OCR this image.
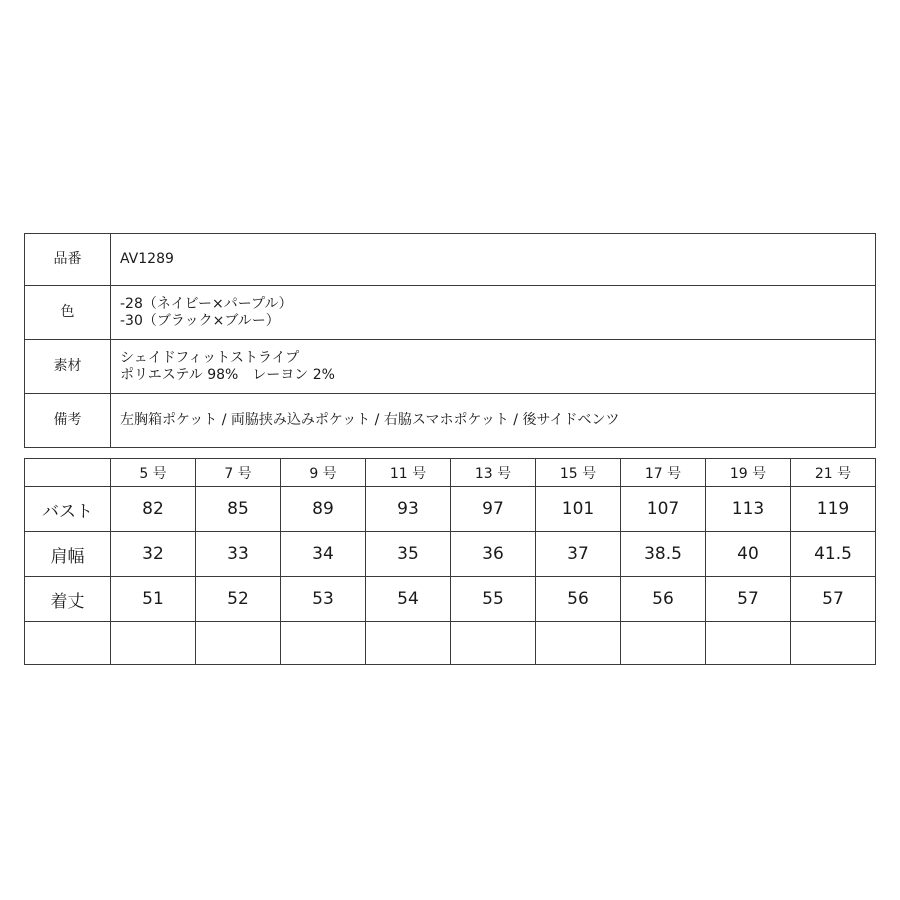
品番	AV1289

色	-28（ネイビー×パープル）
-30（ブラック×ブルー）

素材	シェイドフィットストライプ
ポリエステル 98%　レーヨン 2%

備考	左胸箱ポケット / 両脇挟み込みポケット / 右脇スマホポケット / 後サイドベンツ
	5 号	7 号	9 号	11 号	13 号	15 号	17 号	19 号	21 号
バスト	82	85	89	93	97	101	107	113	119
肩幅	32	33	34	35	36	37	38.5	40	41.5
着丈	51	52	53	54	55	56	56	57	57
